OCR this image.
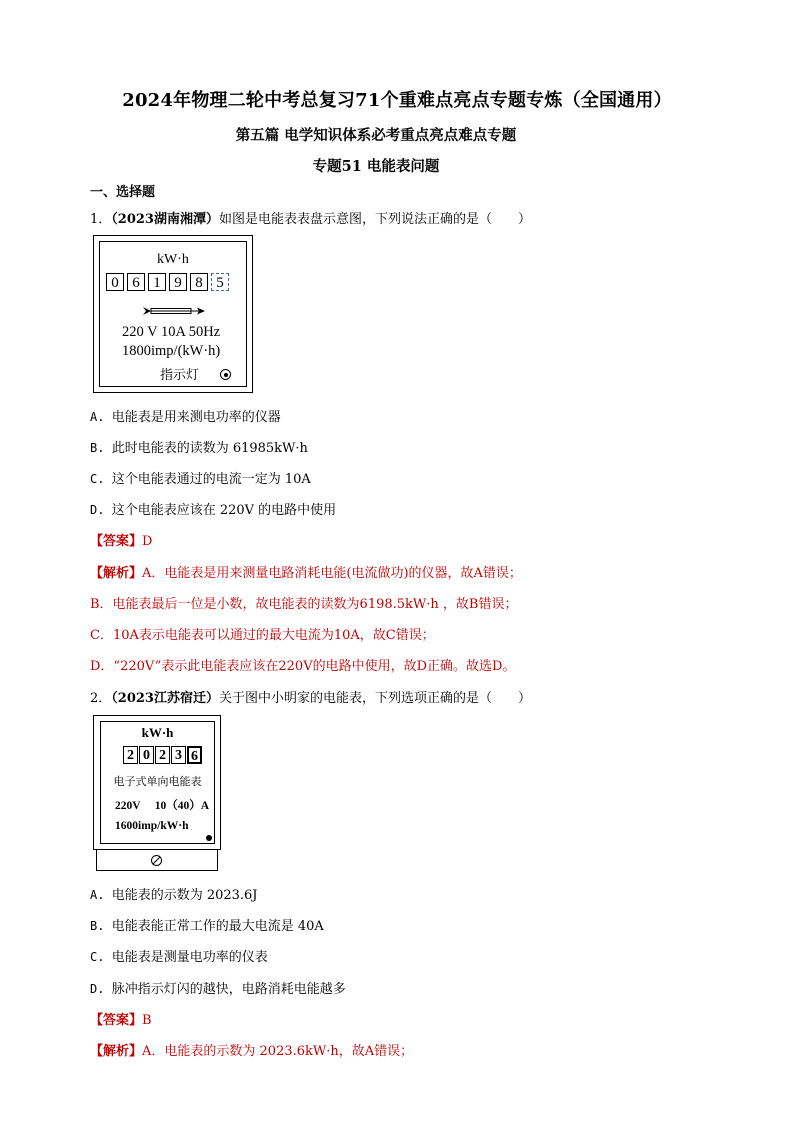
2024年物理二轮中考总复习71个重难点亮点专题专炼（全国通用）
第五篇 电学知识体系必考重点亮点难点专题
专题51 电能表问题
一、选择题
1．（2023湖南湘潭）如图是电能表表盘示意图，下列说法正确的是（　　）
kW·h
0 6 1 9 8 5
220 V 10A 50Hz
1800imp/(kW·h)
指示灯
A. 电能表是用来测电功率的仪器
B. 此时电能表的读数为 61985kW·h
C. 这个电能表通过的电流一定为 10A
D. 这个电能表应该在 220V 的电路中使用
【答案】D
【解析】A．电能表是用来测量电路消耗电能(电流做功)的仪器，故A错误；
B．电能表最后一位是小数，故电能表的读数为6198.5kW·h ，故B错误；
C．10A表示电能表可以通过的最大电流为10A，故C错误；
D．“220V”表示此电能表应该在220V的电路中使用，故D正确。故选D。
2．（2023江苏宿迁）关于图中小明家的电能表，下列选项正确的是（　　）
kW·h
2 0 2 3 6
电子式单向电能表
220V　 10（40）A
1600imp/kW·h
A. 电能表的示数为 2023.6J
B. 电能表能正常工作的最大电流是 40A
C. 电能表是测量电功率的仪表
D. 脉冲指示灯闪的越快，电路消耗电能越多
【答案】B
【解析】A．电能表的示数为 2023.6kW·h，故A错误；
